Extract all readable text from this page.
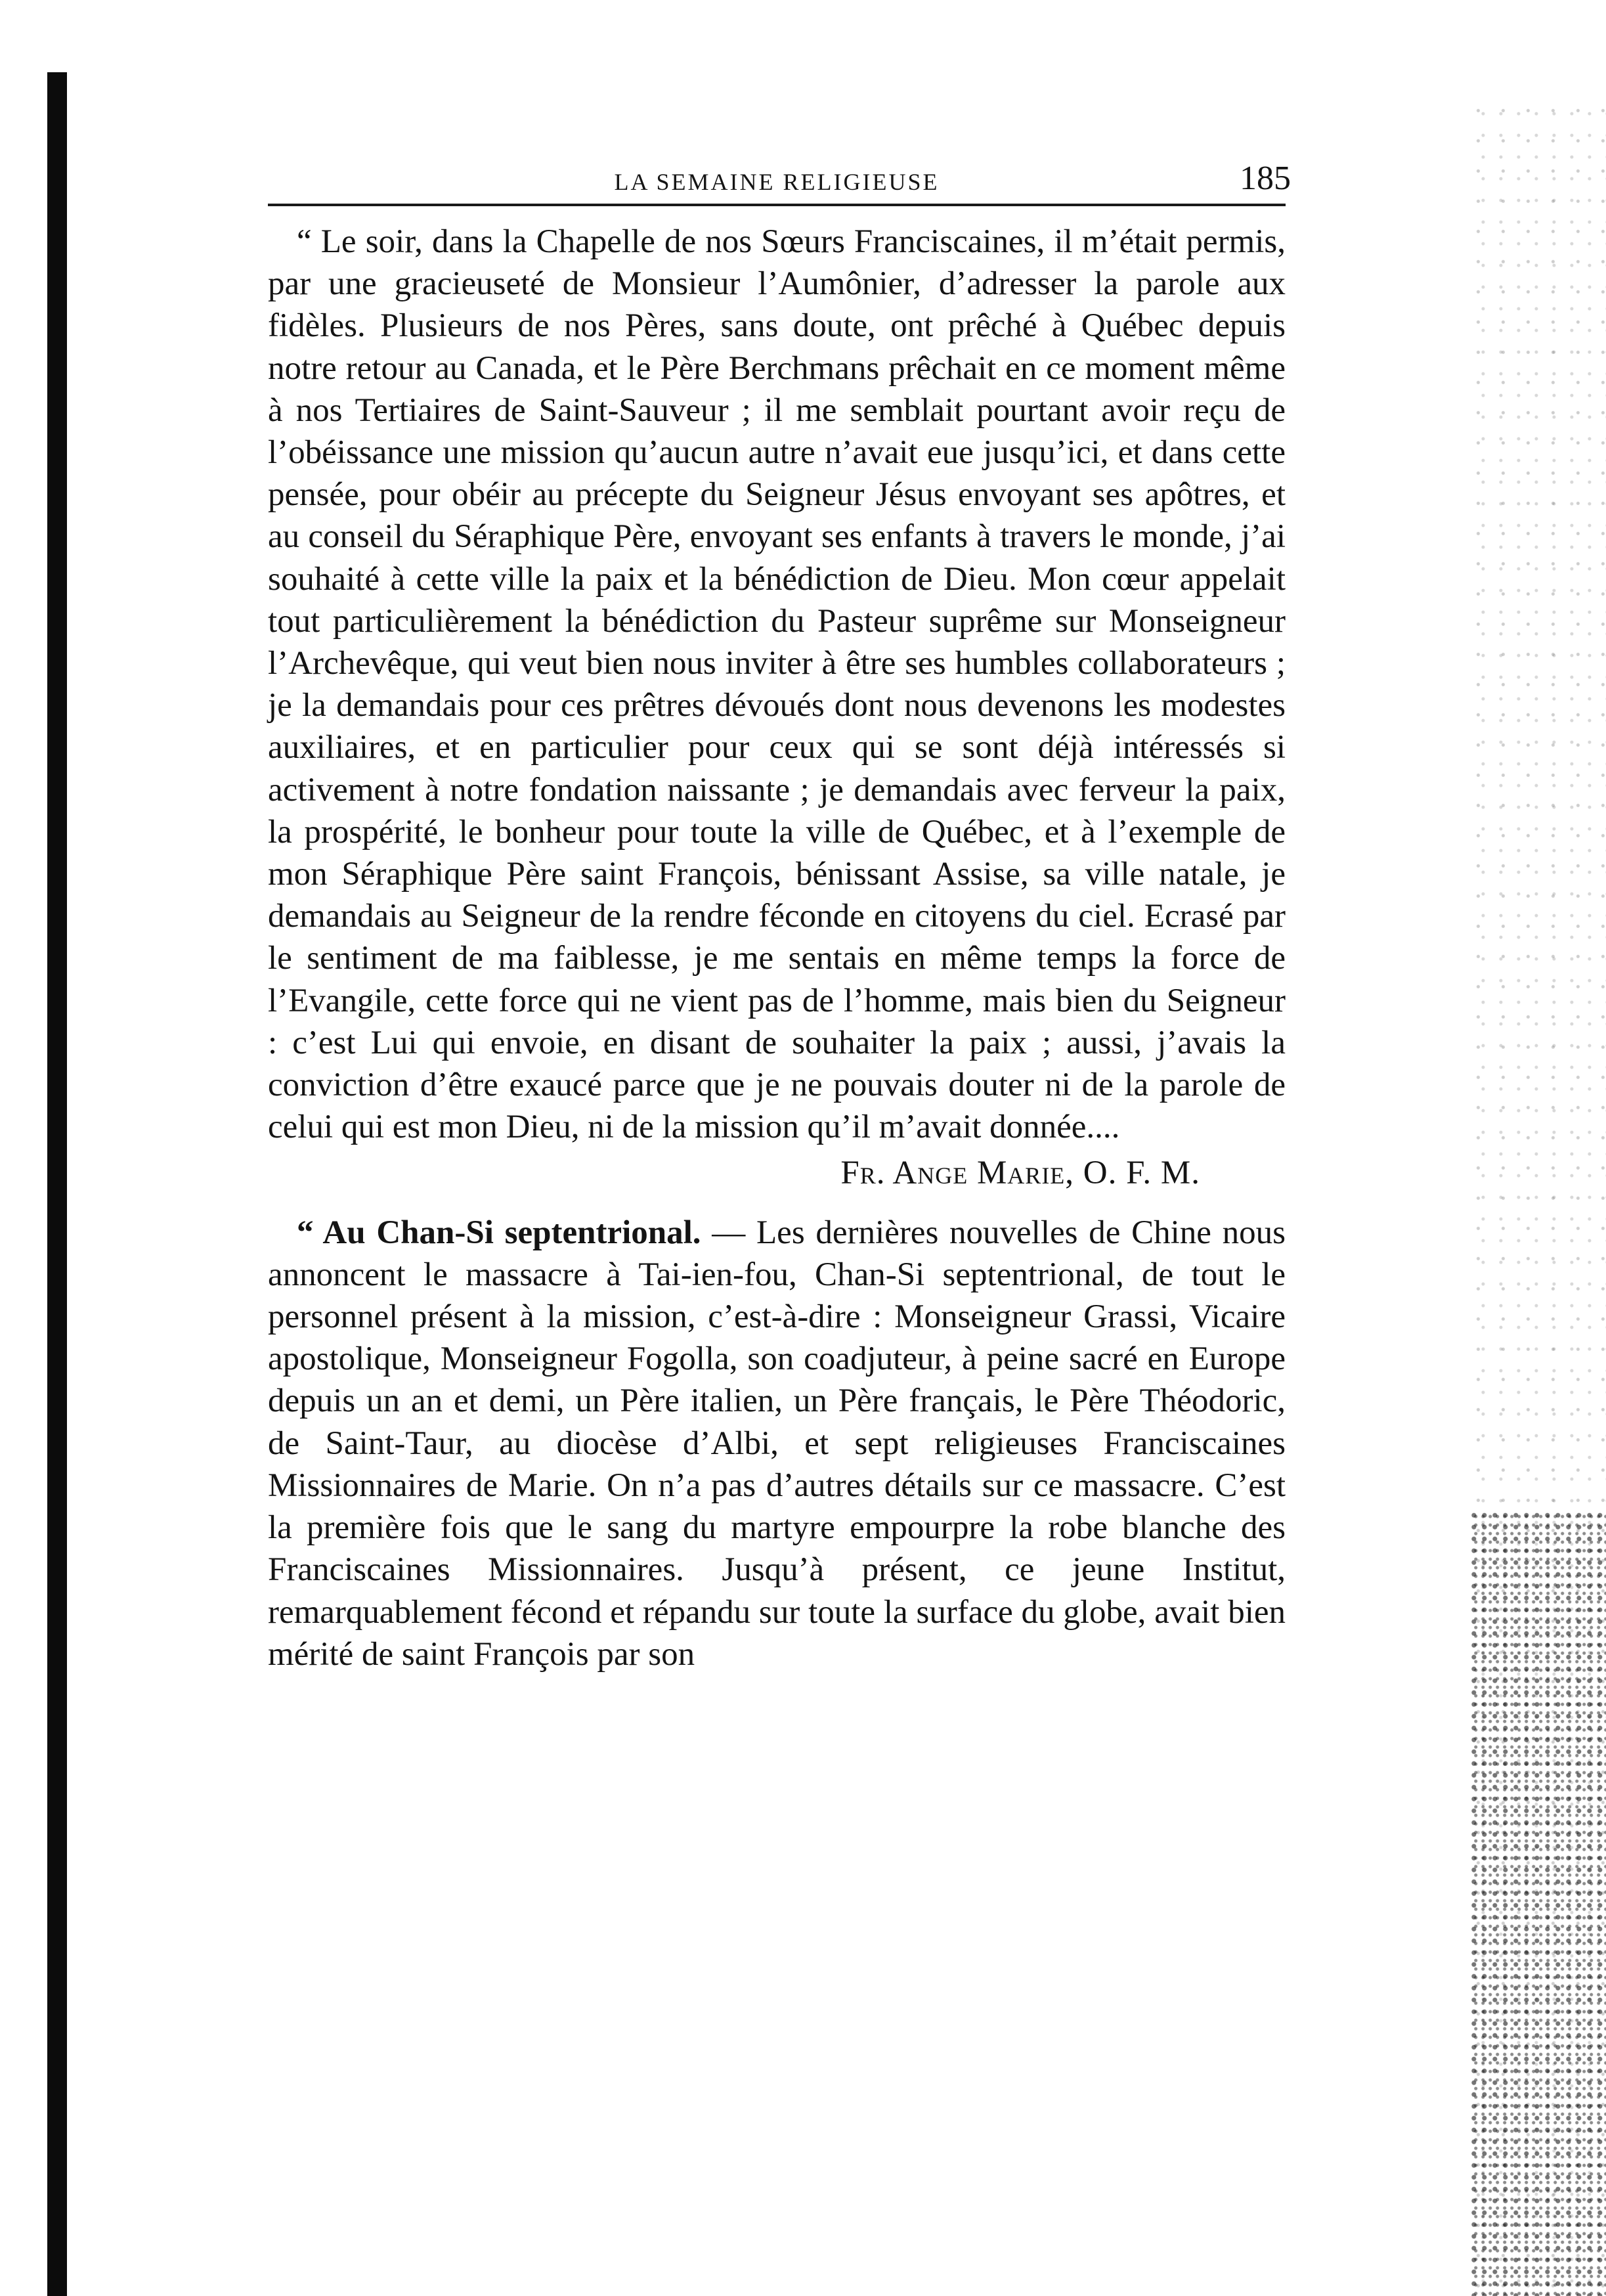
LA SEMAINE RELIGIEUSE	185

“ Le soir, dans la Chapelle de nos Sœurs Franciscaines, il m’était permis, par une gracieuseté de Monsieur l’Aumônier, d’adresser la parole aux fidèles. Plusieurs de nos Pères, sans doute, ont prêché à Québec depuis notre retour au Canada, et le Père Berchmans prêchait en ce moment même à nos Tertiaires de Saint-Sauveur ; il me semblait pourtant avoir reçu de l’obéissance une mission qu’aucun autre n’avait eue jusqu’ici, et dans cette pensée, pour obéir au précepte du Seigneur Jésus envoyant ses apôtres, et au conseil du Séraphique Père, envoyant ses enfants à travers le monde, j’ai souhaité à cette ville la paix et la bénédiction de Dieu. Mon cœur appelait tout particulièrement la bénédiction du Pasteur suprême sur Monseigneur l’Archevêque, qui veut bien nous inviter à être ses humbles collaborateurs ; je la demandais pour ces prêtres dévoués dont nous devenons les modestes auxiliaires, et en particulier pour ceux qui se sont déjà intéressés si activement à notre fondation naissante ; je demandais avec ferveur la paix, la prospérité, le bonheur pour toute la ville de Québec, et à l’exemple de mon Séraphique Père saint François, bénissant Assise, sa ville natale, je demandais au Seigneur de la rendre féconde en citoyens du ciel. Ecrasé par le sentiment de ma faiblesse, je me sentais en même temps la force de l’Evangile, cette force qui ne vient pas de l’homme, mais bien du Seigneur : c’est Lui qui envoie, en disant de souhaiter la paix ; aussi, j’avais la conviction d’être exaucé parce que je ne pouvais douter ni de la parole de celui qui est mon Dieu, ni de la mission qu’il m’avait donnée....

Fr. Ange Marie, O. F. M.

“ Au Chan-Si septentrional. — Les dernières nouvelles de Chine nous annoncent le massacre à Tai-ien-fou, Chan-Si septentrional, de tout le personnel présent à la mission, c’est-à-dire : Monseigneur Grassi, Vicaire apostolique, Monseigneur Fogolla, son coadjuteur, à peine sacré en Europe depuis un an et demi, un Père italien, un Père français, le Père Théodoric, de Saint-Taur, au diocèse d’Albi, et sept religieuses Franciscaines Missionnaires de Marie. On n’a pas d’autres détails sur ce massacre. C’est la première fois que le sang du martyre empourpre la robe blanche des Franciscaines Missionnaires. Jusqu’à présent, ce jeune Institut, remarquablement fécond et répandu sur toute la surface du globe, avait bien mérité de saint François par son
